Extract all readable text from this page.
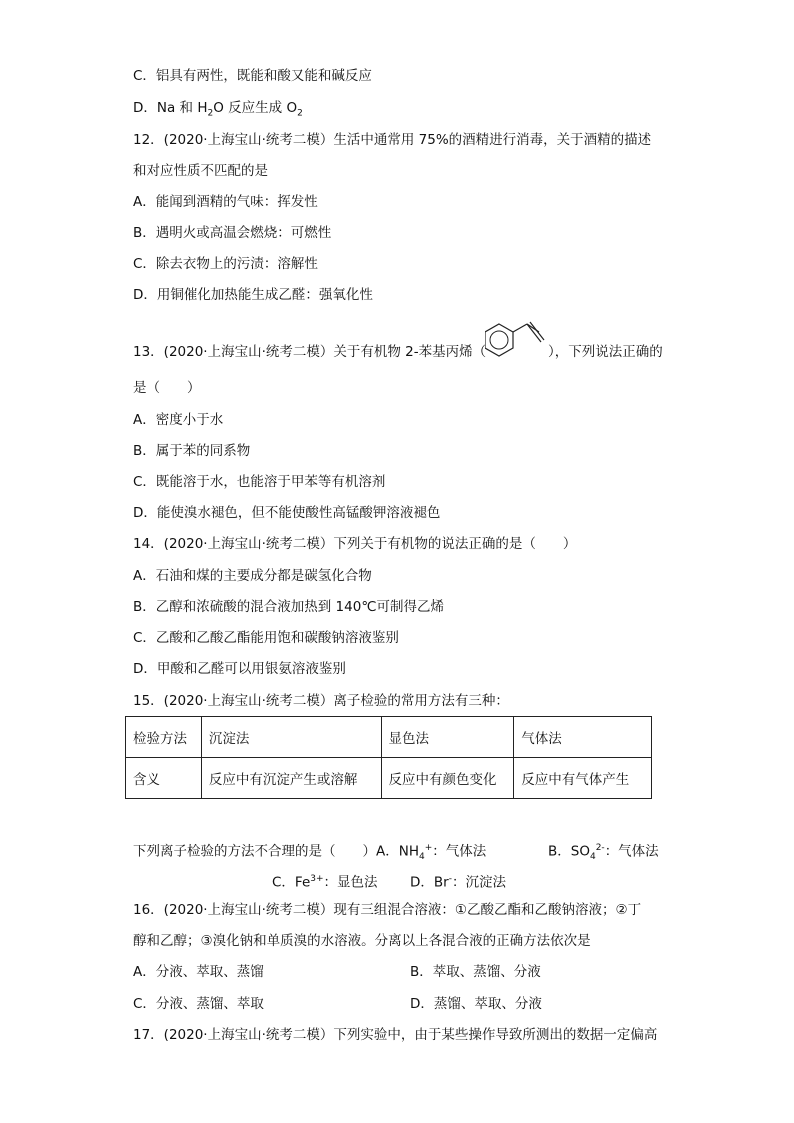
C．铝具有两性，既能和酸又能和碱反应
D．Na 和 $H_2O$ 反应生成 $O_2$
12．(2020·上海宝山·统考二模）生活中通常用 75%的酒精进行消毒，关于酒精的描述
和对应性质不匹配的是
A．能闻到酒精的气味：挥发性
B．遇明火或高温会燃烧：可燃性
C．除去衣物上的污渍：溶解性
D．用铜催化加热能生成乙醛：强氧化性
13．(2020·上海宝山·统考二模）关于有机物 2-苯基丙烯（	），下列说法正确的
是（　　）
A．密度小于水
B．属于苯的同系物
C．既能溶于水，也能溶于甲苯等有机溶剂
D．能使溴水褪色，但不能使酸性高锰酸钾溶液褪色
14．(2020·上海宝山·统考二模）下列关于有机物的说法正确的是（　　）
A．石油和煤的主要成分都是碳氢化合物
B．乙醇和浓硫酸的混合液加热到 140℃可制得乙烯
C．乙酸和乙酸乙酯能用饱和碳酸钠溶液鉴别
D．甲酸和乙醛可以用银氨溶液鉴别
15．(2020·上海宝山·统考二模）离子检验的常用方法有三种：
检验方法	沉淀法	显色法	气体法
含义	反应中有沉淀产生或溶解	反应中有颜色变化	反应中有气体产生
下列离子检验的方法不合理的是（　　）A．$NH_4^+$：气体法	B．$SO_4^{2-}$：气体法
C．$Fe^{3+}$：显色法 D．Br-：沉淀法
16．(2020·上海宝山·统考二模）现有三组混合溶液：①乙酸乙酯和乙酸钠溶液；②丁
醇和乙醇；③溴化钠和单质溴的水溶液。分离以上各混合液的正确方法依次是
A．分液、萃取、蒸馏	B．萃取、蒸馏、分液
C．分液、蒸馏、萃取	D．蒸馏、萃取、分液
17．(2020·上海宝山·统考二模）下列实验中，由于某些操作导致所测出的数据一定偏高
